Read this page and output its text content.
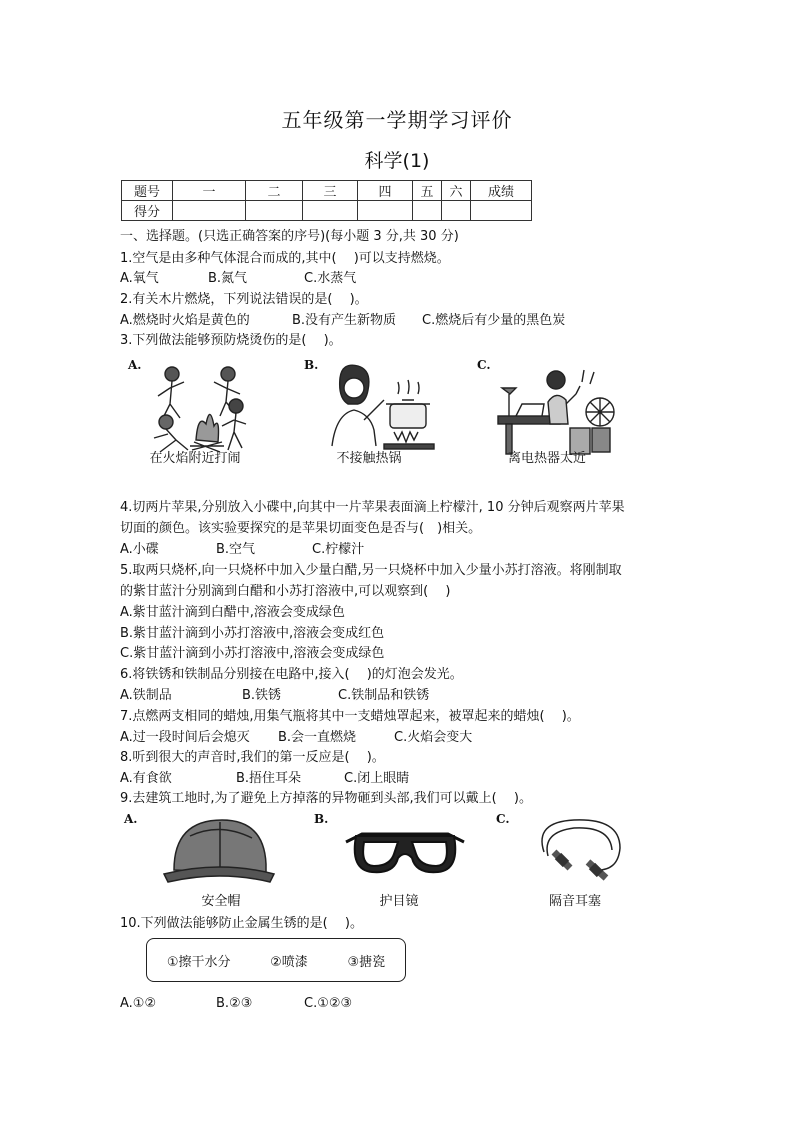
五年级第一学期学习评价
科学(1)
题号	一	二	三	四	五	六	成绩
得分							
一、选择题。(只选正确答案的序号)(每小题 3 分,共 30 分)
1.空气是由多种气体混合而成的,其中(　 )可以支持燃烧。
A.氧气	B.氮气	C.水蒸气
2.有关木片燃烧，下列说法错误的是(　 )。
A.燃烧时火焰是黄色的	B.没有产生新物质 C.燃烧后有少量的黑色炭
3.下列做法能够预防烧烫伤的是(　 )。
A.
在火焰附近打闹
B.
不接触热锅
C.
离电热器太近
4.切两片苹果,分别放入小碟中,向其中一片苹果表面滴上柠檬汁, 10 分钟后观察两片苹果
切面的颜色。该实验要探究的是苹果切面变色是否与(　)相关。
A.小碟	B.空气	C.柠檬汁
5.取两只烧杯,向一只烧杯中加入少量白醋,另一只烧杯中加入少量小苏打溶液。将刚制取
的紫甘蓝汁分别滴到白醋和小苏打溶液中,可以观察到(　 )
A.紫甘蓝汁滴到白醋中,溶液会变成绿色
B.紫甘蓝汁滴到小苏打溶液中,溶液会变成红色
C.紫甘蓝汁滴到小苏打溶液中,溶液会变成绿色
6.将铁锈和铁制品分别接在电路中,接入(　 )的灯泡会发光。
A.铁制品	B.铁锈	C.铁制品和铁锈
7.点燃两支相同的蜡烛,用集气瓶将其中一支蜡烛罩起来，被罩起来的蜡烛(　 )。
A.过一段时间后会熄灭 B.会一直燃烧	C.火焰会变大
8.听到很大的声音时,我们的第一反应是(　 )。
A.有食欲	B.捂住耳朵	C.闭上眼睛
9.去建筑工地时,为了避免上方掉落的异物砸到头部,我们可以戴上(　 )。
A.
安全帽
B.
护目镜
C.
隔音耳塞
10.下列做法能够防止金属生锈的是(　 )。
①擦干水分	②喷漆	③搪瓷
A.①②	B.②③	C.①②③
